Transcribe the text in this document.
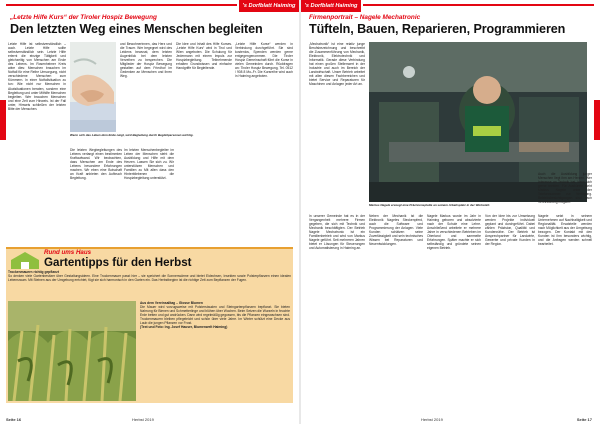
's Dorfblatt Haiming
Chronik
„Letzte Hilfe Kurs“ der Tiroler Hospiz Bewegung
Den letzten Weg eines Menschen begleiten
Letzte Hilfe ist selbstverständlich – auch. Letzte Hilfe sollte selbstverständlich sein. Letzte Hilfe erlernt die einzige Tätigkeit und gleichzeitig von Menschen am Ende des Lebens. Im Rosenheimer Kreis wäre dies: Menschen brauchen im Notfall für eine Reihe Umsorgung, nicht verschiedene Menschen zum Kümmern. In einer Notfallsituation zu tun: Wie nicht nur Menschen in Akutsituationen beraten, sondern eine Begleitung und unter Mithilfe Menschen begleiten. Wer brauchen Menschen und eine Zeit zum Hinweis. Ist der Fall unter, Hinweis schließen der letzten Bitte der Menschen.
und Bewohnerinnen, das Herz und die Trauer. Wer begegnet wird des Leidens bewusst, dem letzten Augenblick bei dem letzten Verzeihen zu besprechen. Die Mitglieder der Hospiz Bewegung gestalten auf dem Friedhof im Gedenken an Menschen und ihren Weg.
Wenn sich das Leben dem Ende neigt, wird Begleitung durch Begleitpersonen wichtig.
Die letzten Wegbegleitungen des Lebens verlangt einen bestimmten Kraftaufwand. Wir beobachten, dass Menschen am Ende des Lebens besondere Erfahrungen machen. Wir eben eine Botschaft an Kraft anbieten den Aufbruch Begleitung.
Im letzten Menschenbegleiter im Leben der Menschen steht die Ausbildung und Hilfe mit dem Herzen. Lassen Sie sich zu. Wir unterstützen Menschen und Familien zu Mit allen dass den Hinterbliebenen die Hospizbegleitung unterstützt.
Die Idee und Inhalt des Hilfe Kurses. „Letzte Hilfe Kurs“ wird in Tirol und Wien angeboten. Die Schulung für Jedermann mit einem Impuls zur Hospizbegleitung. Teilnehmende erhalten Grundwissen und einfache Handgriffe für Begleitende.
„Letzte Hilfe Kurse“ werden in Verbindung durchgeführt. Sie sind kostenlos, Spenden werden gerne entgegengenommen. Die Tiroler Hospiz Gemeinschaft führt die Kurse in vielen Gemeinden durch. Rückfragen an: Tiroler Hospiz Bewegung, Tel. 0512 / 908 8 Mo–Fr. Die Kursreihe wird auch in Haiming angeboten.
Rund ums Haus
Gartentipps für den Herbst
Trockenmauern richtig gepflanzt
So denken viele Gartenbesitzer über Gestaltungsideen. Eine Trockenmauer passt hier – sie speichert die Sonnenwärme und bietet Eidechsen, Insekten sowie Polsterpflanzen einen idealen Lebensraum. Mit Steinen aus der Umgebung errichtet, fügt sie sich harmonisch in den Garten ein. Das Herbstbeginn ist die richtige Zeit zum Bepflanzen der Fugen.
Aus dem Vereinsalltag – Glosse Blumen
Die Mauer wird vorzugsweise mit Polsterstauden und Steingartenpflanzen bepflanzt. Sie bieten Nahrung für Bienen und Schmetterlinge und blühen über Wochen. Beim Setzen die Wurzeln in feuchte Erde betten und gut andrücken. Dann wird regelmäßig gegossen, bis die Pflanzen eingewachsen sind. Trockenmauern bleiben pflegeleicht und schön über viele Jahre. Im Winter schützt eine Decke aus Laub die jungen Pflanzen vor Frost.
(Text und Foto: Ing. Josef Hauser, Blumenwelt Haiming)
Seite 16	Herbst 2019
's Dorfblatt Haiming
Chronik
Firmenportrait – Nagele Mechatronic
Tüfteln, Bauen, Reparieren, Programmieren
„Mechatronik“ ist eine relativ junge Berufsbezeichnung und beschreibt die Zusammenführung von Mechanik, Elektronik, Elektrotechnik und Informatik. Gerade diese Verbindung hat einen großen Stellenwert in der Industrie und auch im Bereich der Landwirtschaft. Unser Betrieb arbeitet mit allen diesen Fachbereichen und bietet Service und Reparaturen für Maschinen und Anlagen jeder Art an.
Markus Nagele erzeugt eine Präzisionsplatte an seinem Arbeitsplatz in der Werkstatt.
In unserer Gemeinde hat es in der Vergangenheit mehrere Firmen gegeben, die sich mit Technik und Mechanik beschäftigten. Der Betrieb Nagele Mechatronic ist ein Familienbetrieb und wird von Markus Nagele geführt. Seit mehreren Jahren bietet er Lösungen für Steuerungen und Automatisierung in Haiming an.
Neben der Mechanik ist die Elektronik Nageles Steckenpferd, auch die Software und Programmierung der Anlagen. Viele Kunden schätzen seine Zuverlässigkeit und sein technisches Wissen bei Reparaturen und Neuentwicklungen.
Nagele Markus wurde im Jahr in Haiming geboren und absolvierte nach der Schule eine Lehre. Anschließend arbeitete er mehrere Jahre in verschiedenen Betrieben im Oberland und sammelte Erfahrungen. Später machte er sich selbständig und gründete seinen eigenen Betrieb.
Von der Idee bis zur Umsetzung werden Projekte individuell geplant und durchgeführt. Dabei zählen Präzision, Qualität und Kundennähe. Der Betrieb ist Ansprechpartner für Landwirte, Gewerbe und private Kunden in der Region.
Nagele setzt in seinem Unternehmen auf Nachhaltigkeit und Regionalität. Ersatzteile werden nach Möglichkeit aus der Umgebung bezogen. Der Kontakt mit den Kunden ist ihm besonders wichtig, und die Anfragen werden schnell bearbeitet.
Auch die Ausbildung junger Menschen liegt ihm am Herzen. Wer Interesse an Technik hat, kann sich gerne melden. Für Auskünfte steht Markus Nagele unter der Telefonnummer zur Verfügung. Betriebsbesichtigungen sind nach Vereinbarung möglich.
Herbst 2019	Seite 17
